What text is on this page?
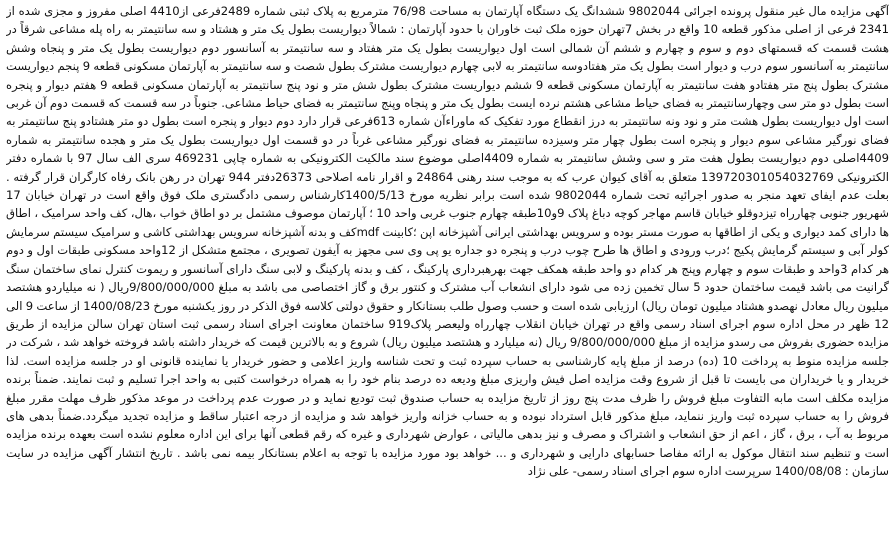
آگهی مزایده مال غیر منقول پرونده اجرائی 9802044 ششدانگ یک دستگاه آپارتمان به مساحت 76/98 مترمربع به پلاک ثبتی شماره 2489فرعی از4410 اصلی مفروز و مجزی شده از 2341 فرعی از اصلی مذکور قطعه 10 واقع در بخش 7تهران حوزه ملک ثبت خاوران با حدود آپارتمان : شمالاً دیواریست بطول یک متر و هشتاد و سه سانتیمتر به راه پله مشاعی شرقاً در هشت قسمت که قسمتهای دوم و سوم و چهارم و ششم آن شمالی است اول دیواریست بطول یک متر هفتاد و سه سانتیمتر به آسانسور دوم دیواریست بطول یک متر و پنجاه وشش سانتیمتر به آسانسور سوم درب و دیوار است بطول یک متر هفتادوسه سانتیمتر به لابی چهارم دیواریست مشترک بطول شصت و سه سانتیمتر به آپارتمان مسکونی قطعه 9 پنجم دیواریست مشترک بطول پنج متر هفتادو هفت سانتیمتر به آپارتمان مسکونی قطعه 9 ششم دیواریست مشترک بطول شش متر و نود پنج سانتیمتر به آپارتمان مسکونی قطعه 9 هفتم دیوار و پنجره است بطول دو متر سی وچهارسانتیمتر به فضای حیاط مشاعی هشتم نرده ایست بطول یک متر و پنجاه وپنج سانتیمتر به فضای حیاط مشاعی. جنوباً در سه قسمت که قسمت دوم آن غربی است اول دیواریست بطول هشت متر و نود ونه سانتیمتر به درز انقطاع مورد تفکیک که ماوراءآن شماره 613فرعی قرار دارد دوم دیوار و پنجره است بطول دو متر هشتادو پنج سانتیمتر به فضای نورگیر مشاعی سوم دیوار و پنجره است بطول چهار متر وسیزده سانتیمتر به فضای نورگیر مشاعی غرباً در دو قسمت اول دیواریست بطول یک متر و هجده سانتیمتر به شماره 4409اصلی دوم دیواریست بطول هفت متر و سی وشش سانتیمتر به شماره 4409اصلی موضوع سند مالکیت الکترونیکی به شماره چاپی 469231 سری الف سال 97 با شماره دفتر الکترونیکی 139720301054032769 متعلق به آقای کیوان عرب که به موجب سند رهنی 24864 و اقرار نامه اصلاحی 26373دفتر 944 تهران در رهن بانک رفاه کارگران قرار گرفته . بعلت عدم ایفای تعهد منجر به صدور اجرائیه تحت شماره 9802044 شده است برابر نظریه مورخ 1400/5/13کارشناس رسمی دادگستری ملک فوق واقع است در تهران خیابان 17 شهریور جنوبی چهارراه تیزدوقلو خیابان قاسم مهاجر کوچه دباغ پلاک 9و10طبقه چهارم جنوب غربی واحد 10 ؛ آپارتمان موصوف مشتمل بر دو اطاق خواب ،هال، کف واحد سرامیک ، اطاق ها دارای کمد دیواری و یکی از اطاقها به صورت مستر بوده و سرویس بهداشتی ایرانی آشپزخانه اپن ؛کابینت mdfکف و بدنه آشپزخانه سرویس بهداشتی کاشی و سرامیک سیستم سرمایش کولر آبی و سیستم گرمایش پکیج ؛درب ورودی و اطاق ها طرح چوب درب و پنجره دو جداره یو پی وی سی مجهز به آیفون تصویری ، مجتمع متشکل از 12واحد مسکونی طبقات اول و دوم هر کدام 3واحد و طبقات سوم و چهارم وپنج هر کدام دو واحد طبقه همکف جهت بهرهبرداری پارکینگ ، کف و بدنه پارکینگ و لابی سنگ دارای آسانسور و ریموت کنترل نمای ساختمان سنگ گرانیت می باشد قیمت ساختمان حدود 5 سال تخمین زده می شود دارای انشعاب آب مشترک و کنتور برق و گاز اختصاصی می باشد به مبلغ 9/800/000/000ریال ( نه میلیاردو هشتصد میلیون ریال معادل نهصدو هشتاد میلیون تومان ریال) ارزیابی شده است و حسب وصول طلب بستانکار و حقوق دولتی کلاسه فوق الذکر در روز یکشنبه مورخ 1400/08/23 از ساعت 9 الی 12 ظهر در محل اداره سوم اجرای اسناد رسمی واقع در تهران خیابان انقلاب چهارراه ولیعصر پلاک919 ساختمان معاونت اجرای اسناد رسمی ثبت استان تهران سالن مزایده از طریق مزایده حضوری بفروش می رسدو مزایده از مبلغ 9/800/000/000 ریال (نه میلیارد و هشتصد میلیون ریال) شروع و به بالاترین قیمت که خریدار داشته باشد فروخته خواهد شد ، شرکت در جلسه مزایده منوط به پرداخت 10 (ده) درصد از مبلغ پایه کارشناسی به حساب سپرده ثبت و تحت شناسه واریز اعلامی و حضور خریدار یا نماینده قانونی او در جلسه مزایده است. لذا خریدار و یا خریداران می بایست تا قبل از شروع وقت مزایده اصل فیش واریزی مبلغ ودیعه ده درصد بنام خود را به همراه درخواست کتبی به واحد اجرا تسلیم و ثبت نمایند. ضمناً برنده مزایده مکلف است مابه التفاوت مبلغ فروش را ظرف مدت پنج روز از تاریخ مزایده به حساب صندوق ثبت تودیع نماید و در صورت عدم پرداخت در موعد مذکور ظرف مهلت مقرر مبلغ فروش را به حساب سپرده ثبت واریز ننماید، مبلغ مذکور قابل استرداد نبوده و به حساب خزانه واریز خواهد شد و مزایده از درجه اعتبار ساقط و مزایده تجدید میگردد.ضمناً بدهی های مربوط به آب ، برق ، گاز ، اعم از حق انشعاب و اشتراک و مصرف و نیز بدهی مالیاتی ، عوارض شهرداری و غیره که رقم قطعی آنها برای این اداره معلوم نشده است بعهده برنده مزایده است و تنظیم سند انتقال موکول به ارائه مفاصا حسابهای دارایی و شهرداری و ... خواهد بود مورد مزایده با توجه به اعلام بستانکار بیمه نمی باشد . تاریخ انتشار آگهی مزایده در سایت سازمان : 1400/08/08 سرپرست اداره سوم اجرای اسناد رسمی- علی نژاد
